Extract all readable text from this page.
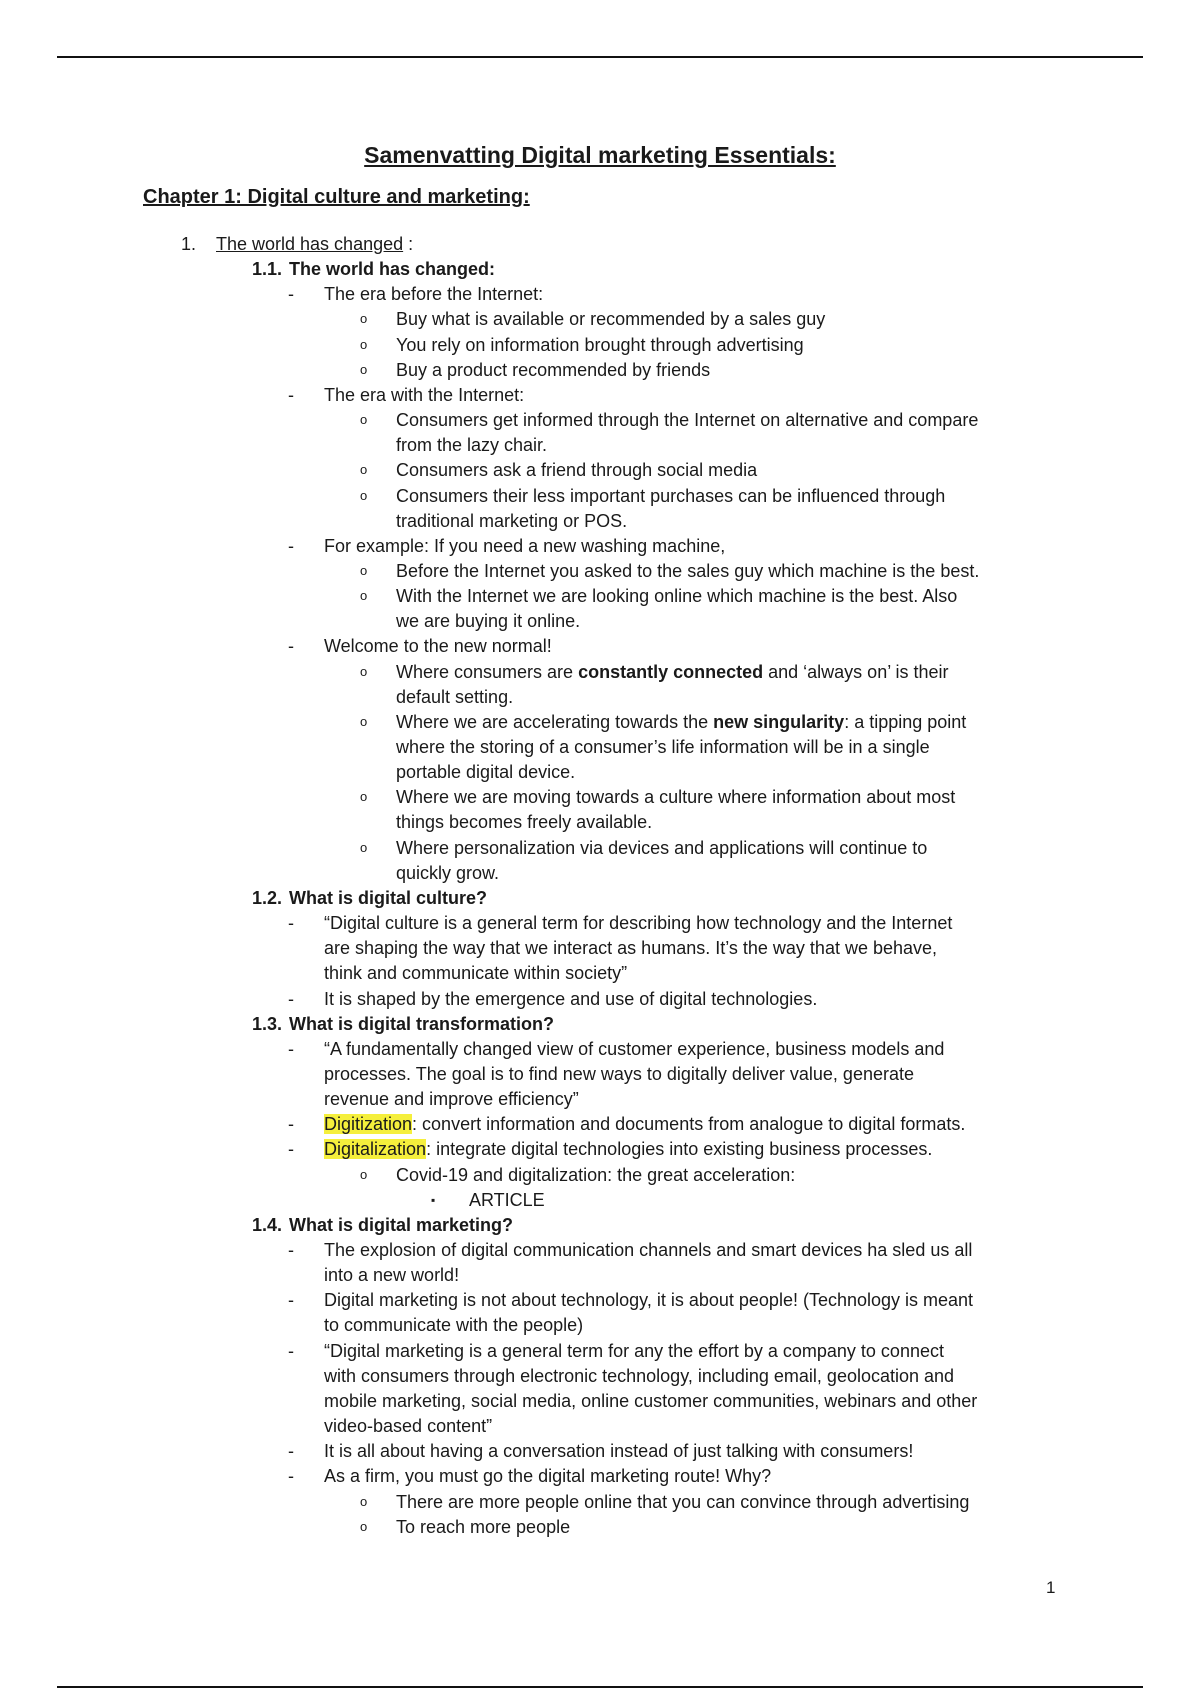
Samenvatting Digital marketing Essentials:
Chapter 1: Digital culture and marketing:
1. The world has changed :
1.1. The world has changed:
- The era before the Internet:
o Buy what is available or recommended by a sales guy
o You rely on information brought through advertising
o Buy a product recommended by friends
- The era with the Internet:
o Consumers get informed through the Internet on alternative and compare
from the lazy chair.
o Consumers ask a friend through social media
o Consumers their less important purchases can be influenced through
traditional marketing or POS.
- For example: If you need a new washing machine,
o Before the Internet you asked to the sales guy which machine is the best.
o With the Internet we are looking online which machine is the best. Also
we are buying it online.
- Welcome to the new normal!
o Where consumers are constantly connected and ‘always on’ is their
default setting.
o Where we are accelerating towards the new singularity: a tipping point
where the storing of a consumer’s life information will be in a single
portable digital device.
o Where we are moving towards a culture where information about most
things becomes freely available.
o Where personalization via devices and applications will continue to
quickly grow.
1.2. What is digital culture?
- “Digital culture is a general term for describing how technology and the Internet
are shaping the way that we interact as humans. It’s the way that we behave,
think and communicate within society”
- It is shaped by the emergence and use of digital technologies.
1.3. What is digital transformation?
- “A fundamentally changed view of customer experience, business models and
processes. The goal is to find new ways to digitally deliver value, generate
revenue and improve efficiency”
- Digitization: convert information and documents from analogue to digital formats.
- Digitalization: integrate digital technologies into existing business processes.
o Covid-19 and digitalization: the great acceleration:
▪ ARTICLE
1.4. What is digital marketing?
- The explosion of digital communication channels and smart devices ha sled us all
into a new world!
- Digital marketing is not about technology, it is about people! (Technology is meant
to communicate with the people)
- “Digital marketing is a general term for any the effort by a company to connect
with consumers through electronic technology, including email, geolocation and
mobile marketing, social media, online customer communities, webinars and other
video-based content”
- It is all about having a conversation instead of just talking with consumers!
- As a firm, you must go the digital marketing route! Why?
o There are more people online that you can convince through advertising
o To reach more people
1
